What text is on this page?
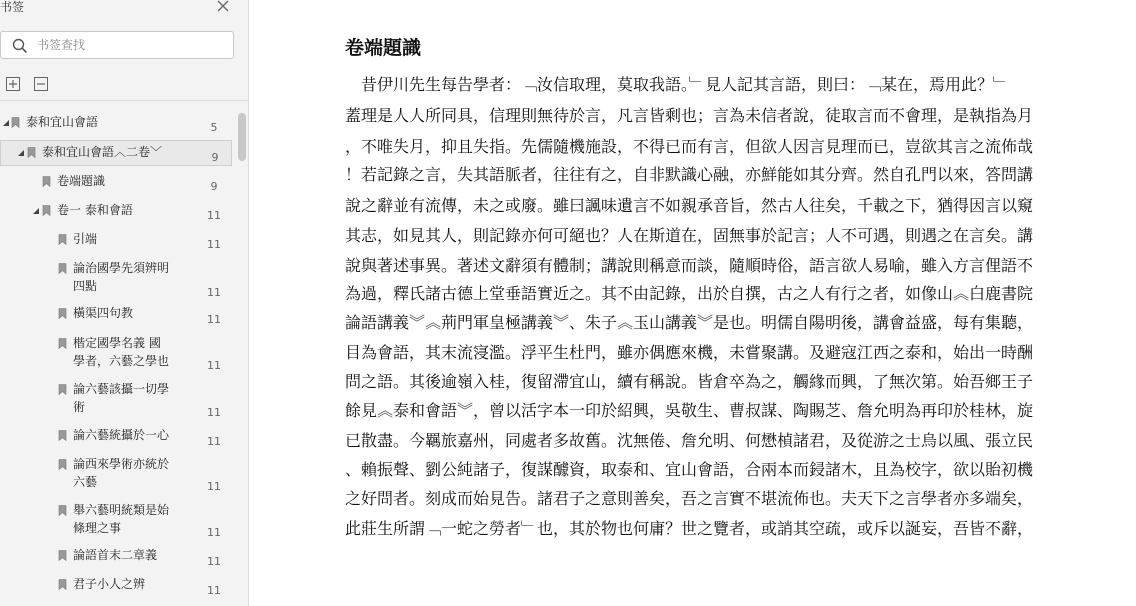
书签
书签查找
泰和宜山會語	5
泰和宜山會語︿二卷﹀	9
卷端題識	9
卷一 泰和會語	11
引端	11
論治國學先須辨明
四點	11
橫渠四句教	11
楷定國學名義 國
學者，六藝之學也	11
論六藝該攝一切學
術	11
論六藝統攝於一心	11
論西來學術亦統於
六藝	11
舉六藝明統類是始
條理之事	11
論語首末二章義	11
君子小人之辨	11
卷端題識
　昔伊川先生每告學者：﹁汝信取理，莫取我語。﹂見人記其言語，則曰：﹁某在，焉用此？﹂
蓋理是人人所同具，信理則無待於言，凡言皆剩也；言為未信者說，徒取言而不會理，是執指為月
，不唯失月，抑且失指。先儒隨機施設，不得已而有言，但欲人因言見理而已，豈欲其言之流佈哉
！若記錄之言，失其語脈者，往往有之，自非默識心融，亦鮮能如其分齊。然自孔門以來，答問講
說之辭並有流傳，未之或廢。雖曰諷味遺言不如親承音旨，然古人往矣，千載之下，猶得因言以窺
其志，如見其人，則記錄亦何可絕也？人在斯道在，固無事於記言；人不可遇，則遇之在言矣。講
說與著述事異。著述文辭須有體制；講說則稱意而談，隨順時俗，語言欲人易喻，雖入方言俚語不
為過，釋氏諸古德上堂垂語實近之。其不由記錄，出於自撰，古之人有行之者，如像山︽白鹿書院
論語講義︾︽荊門軍皇極講義︾、朱子︽玉山講義︾是也。明儒自陽明後，講會益盛，每有集聽，
目為會語，其末流寖濫。浮平生杜門，雖亦偶應來機，未嘗聚講。及避寇江西之泰和，始出一時酬
問之語。其後逾嶺入桂，復留滯宜山，續有稱說。皆倉卒為之，觸緣而興，了無次第。始吾鄉王子
餘見︽泰和會語︾，曾以活字本一印於紹興，吳敬生、曹叔謀、陶賜芝、詹允明為再印於桂林，旋
已散盡。今羈旅嘉州，同處者多故舊。沈無倦、詹允明、何懋楨諸君，及從游之士烏以風、張立民
、賴振聲、劉公純諸子，復謀醵資，取泰和、宜山會語，合兩本而鋟諸木，且為校字，欲以貽初機
之好問者。刻成而始見告。諸君子之意則善矣，吾之言實不堪流佈也。夫天下之言學者亦多端矣，
此莊生所謂﹁一蛇之勞者﹂也，其於物也何庸？世之覽者，或誚其空疏，或斥以誕妄，吾皆不辭，
